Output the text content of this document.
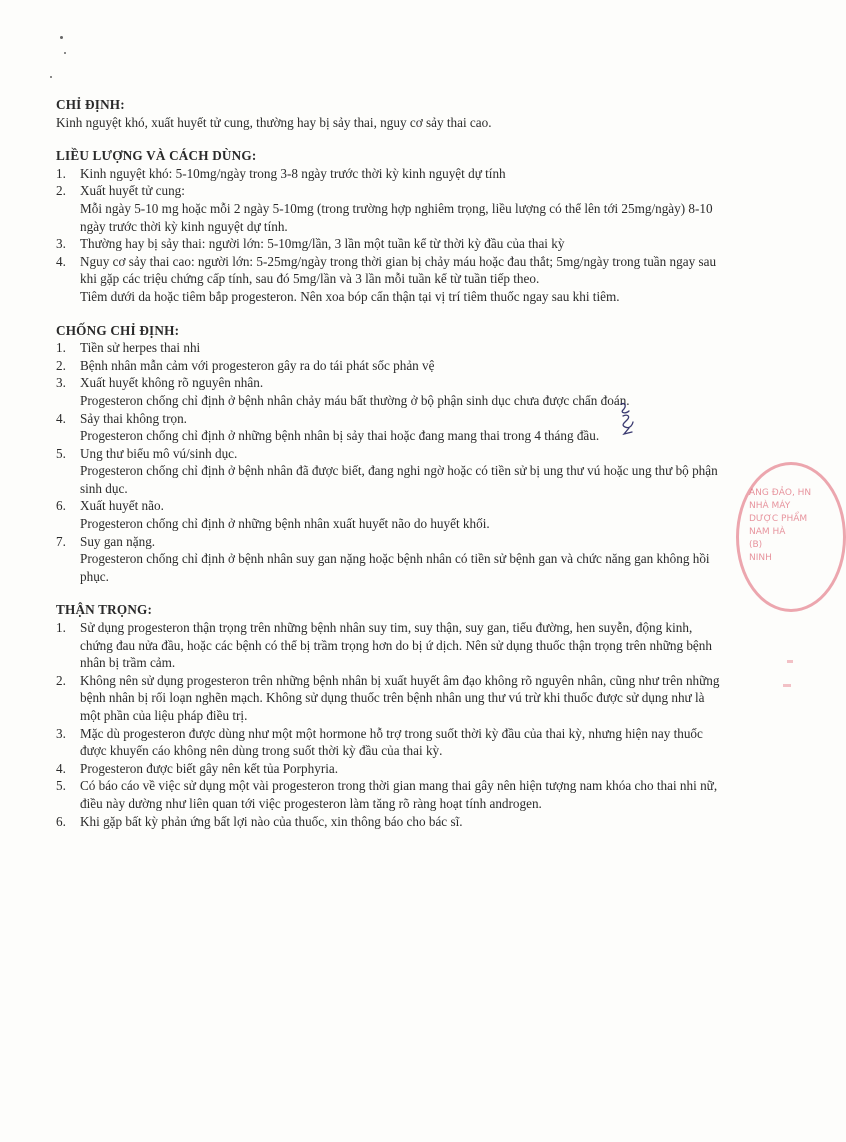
CHỈ ĐỊNH:

Kinh nguyệt khó, xuất huyết tử cung, thường hay bị sảy thai, nguy cơ sảy thai cao.

LIỀU LƯỢNG VÀ CÁCH DÙNG:
1.	Kinh nguyệt khó: 5-10mg/ngày trong 3-8 ngày trước thời kỳ kinh nguyệt dự tính
2.	Xuất huyết tử cung:
Mỗi ngày 5-10 mg hoặc mỗi 2 ngày 5-10mg (trong trường hợp nghiêm trọng, liều lượng có thể lên tới 25mg/ngày) 8-10 ngày trước thời kỳ kinh nguyệt dự tính.
3.	Thường hay bị sảy thai: người lớn: 5-10mg/lần, 3 lần một tuần kể từ thời kỳ đầu của thai kỳ
4.	Nguy cơ sảy thai cao: người lớn: 5-25mg/ngày trong thời gian bị chảy máu hoặc đau thắt; 5mg/ngày trong tuần ngay sau khi gặp các triệu chứng cấp tính, sau đó 5mg/lần và 3 lần mỗi tuần kể từ tuần tiếp theo.
Tiêm dưới da hoặc tiêm bắp progesteron. Nên xoa bóp cẩn thận tại vị trí tiêm thuốc ngay sau khi tiêm.
CHỐNG CHỈ ĐỊNH:
1.	Tiền sử herpes thai nhi
2.	Bệnh nhân mẫn cảm với progesteron gây ra do tái phát sốc phản vệ
3.	Xuất huyết không rõ nguyên nhân.
Progesteron chống chỉ định ở bệnh nhân chảy máu bất thường ở bộ phận sinh dục chưa được chẩn đoán.
4.	Sảy thai không trọn.
Progesteron chống chỉ định ở những bệnh nhân bị sảy thai hoặc đang mang thai trong 4 tháng đầu.
5.	Ung thư biểu mô vú/sinh dục.
Progesteron chống chỉ định ở bệnh nhân đã được biết, đang nghi ngờ hoặc có tiền sử bị ung thư vú hoặc ung thư bộ phận sinh dục.
6.	Xuất huyết não.
Progesteron chống chỉ định ở những bệnh nhân xuất huyết não do huyết khối.
7.	Suy gan nặng.
Progesteron chống chỉ định ở bệnh nhân suy gan nặng hoặc bệnh nhân có tiền sử bệnh gan và chức năng gan không hồi phục.
THẬN TRỌNG:
1.	Sử dụng progesteron thận trọng trên những bệnh nhân suy tim, suy thận, suy gan, tiểu đường, hen suyễn, động kinh, chứng đau nửa đầu, hoặc các bệnh có thể bị trầm trọng hơn do bị ứ dịch. Nên sử dụng thuốc thận trọng trên những bệnh nhân bị trầm cảm.
2.	Không nên sử dụng progesteron trên những bệnh nhân bị xuất huyết âm đạo không rõ nguyên nhân, cũng như trên những bệnh nhân bị rối loạn nghẽn mạch. Không sử dụng thuốc trên bệnh nhân ung thư vú trừ khi thuốc được sử dụng như là một phần của liệu pháp điều trị.
3.	Mặc dù progesteron được dùng như một một hormone hỗ trợ trong suốt thời kỳ đầu của thai kỳ, nhưng hiện nay thuốc được khuyến cáo không nên dùng trong suốt thời kỳ đầu của thai kỳ.
4.	Progesteron được biết gây nên kết tủa Porphyria.
5.	Có báo cáo về việc sử dụng một vài progesteron trong thời gian mang thai gây nên hiện tượng nam khóa cho thai nhi nữ, điều này dường như liên quan tới việc progesteron làm tăng rõ ràng hoạt tính androgen.
6.	Khi gặp bất kỳ phản ứng bất lợi nào của thuốc, xin thông báo cho bác sĩ.
ANG ĐẢO, HN
NHÀ MÁY
DƯỢC PHẨM
NAM HÀ
(B)
NINH
